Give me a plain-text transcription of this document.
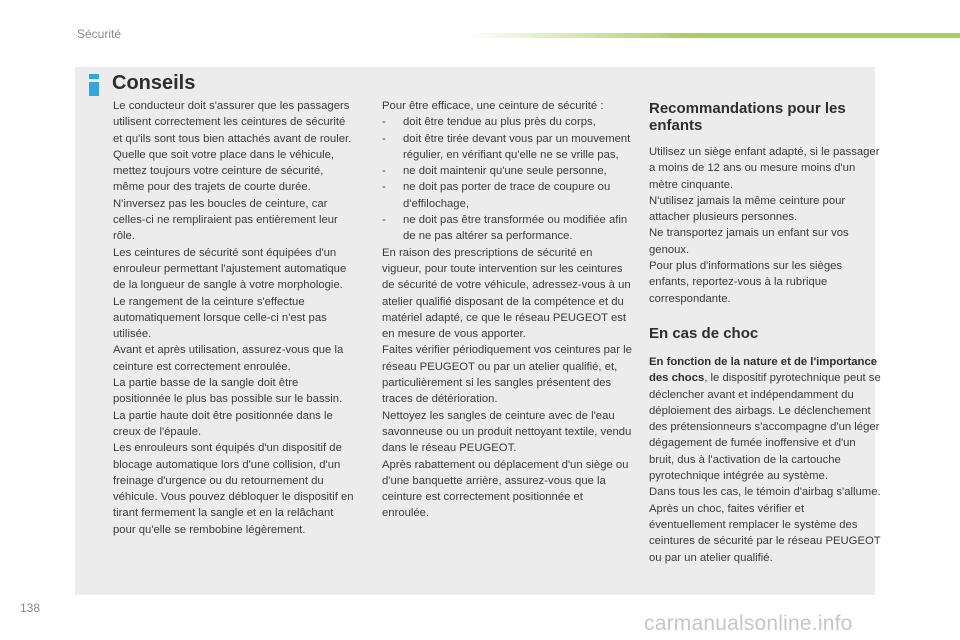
Sécurité
Conseils

Le conducteur doit s'assurer que les passagers utilisent correctement les ceintures de sécurité et qu'ils sont tous bien attachés avant de rouler.

Quelle que soit votre place dans le véhicule, mettez toujours votre ceinture de sécurité, même pour des trajets de courte durée.

N'inversez pas les boucles de ceinture, car celles-ci ne rempliraient pas entièrement leur rôle.

Les ceintures de sécurité sont équipées d'un enrouleur permettant l'ajustement automatique de la longueur de sangle à votre morphologie. Le rangement de la ceinture s'effectue automatiquement lorsque celle-ci n'est pas utilisée.

Avant et après utilisation, assurez-vous que la ceinture est correctement enroulée.

La partie basse de la sangle doit être positionnée le plus bas possible sur le bassin.

La partie haute doit être positionnée dans le creux de l'épaule.

Les enrouleurs sont équipés d'un dispositif de blocage automatique lors d'une collision, d'un freinage d'urgence ou du retournement du véhicule. Vous pouvez débloquer le dispositif en tirant fermement la sangle et en la relâchant pour qu'elle se rembobine légèrement.

Pour être efficace, une ceinture de sécurité :

-	doit être tendue au plus près du corps,
-	doit être tirée devant vous par un mouvement régulier, en vérifiant qu'elle ne se vrille pas,
-	ne doit maintenir qu'une seule personne,
-	ne doit pas porter de trace de coupure ou d'effilochage,
-	ne doit pas être transformée ou modifiée afin de ne pas altérer sa performance.

En raison des prescriptions de sécurité en vigueur, pour toute intervention sur les ceintures de sécurité de votre véhicule, adressez-vous à un atelier qualifié disposant de la compétence et du matériel adapté, ce que le réseau PEUGEOT est en mesure de vous apporter.

Faites vérifier périodiquement vos ceintures par le réseau PEUGEOT ou par un atelier qualifié, et, particulièrement si les sangles présentent des traces de détérioration.

Nettoyez les sangles de ceinture avec de l'eau savonneuse ou un produit nettoyant textile, vendu dans le réseau PEUGEOT.

Après rabattement ou déplacement d'un siège ou d'une banquette arrière, assurez-vous que la ceinture est correctement positionnée et enroulée.

Recommandations pour les enfants

Utilisez un siège enfant adapté, si le passager a moins de 12 ans ou mesure moins d'un mètre cinquante.

N'utilisez jamais la même ceinture pour attacher plusieurs personnes.

Ne transportez jamais un enfant sur vos genoux.

Pour plus d'informations sur les sièges enfants, reportez-vous à la rubrique correspondante.

En cas de choc

En fonction de la nature et de l'importance des chocs, le dispositif pyrotechnique peut se déclencher avant et indépendamment du déploiement des airbags. Le déclenchement des prétensionneurs s'accompagne d'un léger dégagement de fumée inoffensive et d'un bruit, dus à l'activation de la cartouche pyrotechnique intégrée au système.

Dans tous les cas, le témoin d'airbag s'allume.

Après un choc, faites vérifier et éventuellement remplacer le système des ceintures de sécurité par le réseau PEUGEOT ou par un atelier qualifié.

138
carmanualsonline.info
